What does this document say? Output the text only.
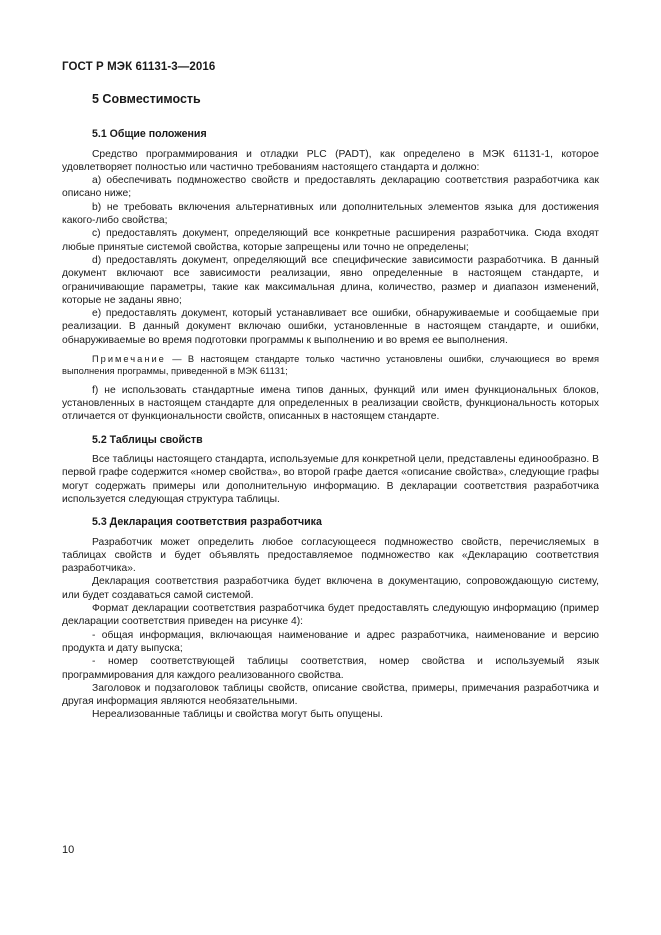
ГОСТ Р МЭК 61131-3—2016
5 Совместимость
5.1 Общие положения

Средство программирования и отладки PLC (PADT), как определено в МЭК 61131-1, которое удовлетворяет полностью или частично требованиям настоящего стандарта и должно:

а) обеспечивать подмножество свойств и предоставлять декларацию соответствия разработчика как описано ниже;

b) не требовать включения альтернативных или дополнительных элементов языка для достижения какого-либо свойства;

с) предоставлять документ, определяющий все конкретные расширения разработчика. Сюда входят любые принятые системой свойства, которые запрещены или точно не определены;

d) предоставлять документ, определяющий все специфические зависимости разработчика. В данный документ включают все зависимости реализации, явно определенные в настоящем стандарте, и ограничивающие параметры, такие как максимальная длина, количество, размер и диапазон изменений, которые не заданы явно;

е) предоставлять документ, который устанавливает все ошибки, обнаруживаемые и сообщаемые при реализации. В данный документ включаю ошибки, установленные в настоящем стандарте, и ошибки, обнаруживаемые во время подготовки программы к выполнению и во время ее выполнения.

Примечание — В настоящем стандарте только частично установлены ошибки, случающиеся во время выполнения программы, приведенной в МЭК 61131;

f) не использовать стандартные имена типов данных, функций или имен функциональных блоков, установленных в настоящем стандарте для определенных в реализации свойств, функциональность которых отличается от функциональности свойств, описанных в настоящем стандарте.

5.2 Таблицы свойств

Все таблицы настоящего стандарта, используемые для конкретной цели, представлены единообразно. В первой графе содержится «номер свойства», во второй графе дается «описание свойства», следующие графы могут содержать примеры или дополнительную информацию. В декларации соответствия разработчика используется следующая структура таблицы.

5.3 Декларация соответствия разработчика

Разработчик может определить любое согласующееся подмножество свойств, перечисляемых в таблицах свойств и будет объявлять предоставляемое подмножество как «Декларацию соответствия разработчика».

Декларация соответствия разработчика будет включена в документацию, сопровождающую систему, или будет создаваться самой системой.

Формат декларации соответствия разработчика будет предоставлять следующую информацию (пример декларации соответствия приведен на рисунке 4):

- общая информация, включающая наименование и адрес разработчика, наименование и версию продукта и дату выпуска;

- номер соответствующей таблицы соответствия, номер свойства и используемый язык программирования для каждого реализованного свойства.

Заголовок и подзаголовок таблицы свойств, описание свойства, примеры, примечания разработчика и другая информация являются необязательными.

Нереализованные таблицы и свойства могут быть опущены.

10
